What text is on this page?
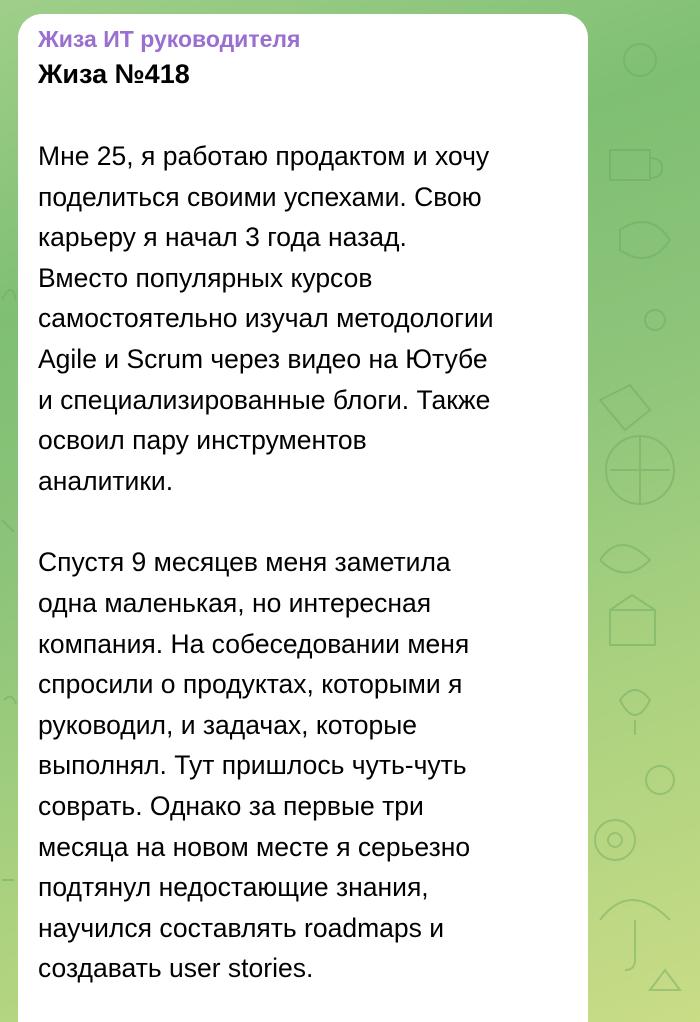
Жиза ИТ руководителя
Жиза №418

Мне 25, я работаю продактом и хочу
поделиться своими успехами. Свою
карьеру я начал 3 года назад.
Вместо популярных курсов
самостоятельно изучал методологии
Agile и Scrum через видео на Ютубе
и специализированные блоги. Также
освоил пару инструментов
аналитики.

Спустя 9 месяцев меня заметила
одна маленькая, но интересная
компания. На собеседовании меня
спросили о продуктах, которыми я
руководил, и задачах, которые
выполнял. Тут пришлось чуть-чуть
соврать. Однако за первые три
месяца на новом месте я серьезно
подтянул недостающие знания,
научился составлять roadmaps и
создавать user stories.
